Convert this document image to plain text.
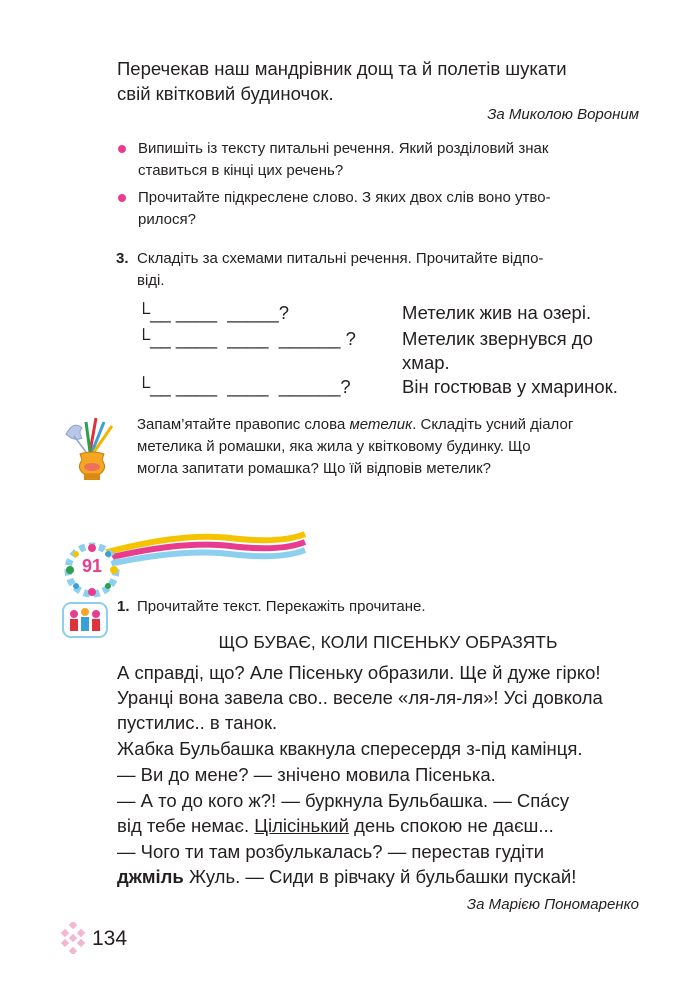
Перечекав наш мандрівник дощ та й полетів шукати
свій квітковий будиночок.
За Миколою Вороним
Випишіть із тексту питальні речення. Який розділовий знак
ставиться в кінці цих речень?
Прочитайте підкреслене слово. З яких двох слів воно утво-
рилося?
3. Складіть за схемами питальні речення. Прочитайте відпо-
віді.
└__ ____  _____?
└__ ____  ____  ______ ?
└__ ____  ____  ______?
Метелик жив на озері.
Метелик звернувся до
хмар.
Він гостював у хмаринок.
Запам’ятайте правопис слова метелик. Складіть усний діалог
метелика й ромашки, яка жила у квітковому будинку. Що
могла запитати ромашка? Що їй відповів метелик?
91
1. Прочитайте текст. Перекажіть прочитане.
ЩО БУВАЄ, КОЛИ ПІСЕНЬКУ ОБРАЗЯТЬ
А справді, що? Але Пісеньку образили. Ще й дуже гірко!
Уранці вона завела сво.. веселе «ля-ля-ля»! Усі довкола
пустилис.. в танок.
Жабка Бульбашка квакнула спересердя з-під камінця.
— Ви до мене? — знічено мовила Пісенька.
— А то до кого ж?! — буркнула Бульбашка. — Спа́су
від тебе немає. Цілісінький день спокою не даєш...
— Чого ти там розбулькалась? — перестав гудіти
джміль Жуль. — Сиди в рівчаку й бульбашки пускай!
За Марією Пономаренко
134
